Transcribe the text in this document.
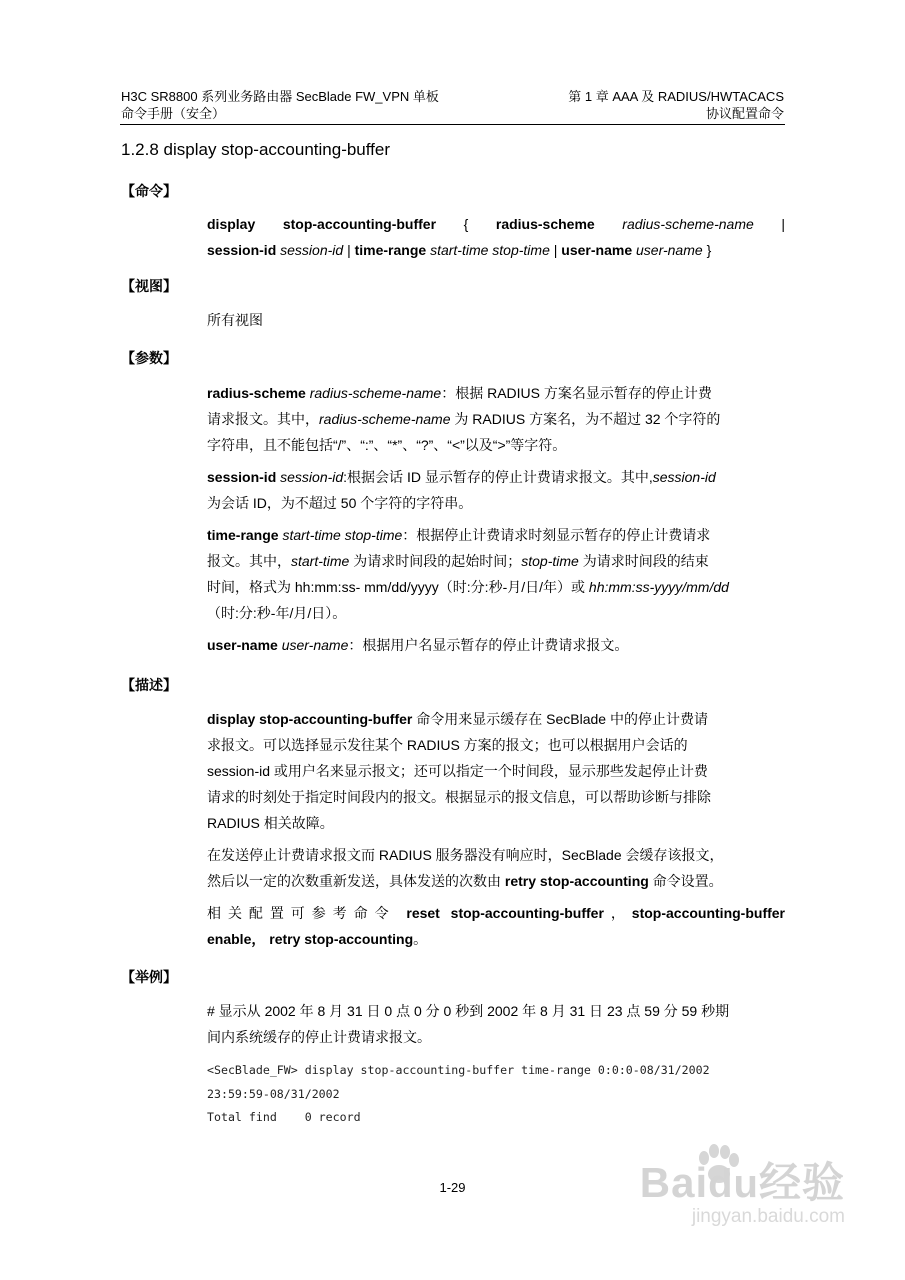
H3C SR8800 系列业务路由器 SecBlade FW_VPN 单板
命令手册（安全）
第 1 章 AAA 及 RADIUS/HWTACACS
协议配置命令
1.2.8 display stop-accounting-buffer
【命令】
display stop-accounting-buffer { radius-scheme radius-scheme-name |
session-id session-id | time-range start-time stop-time | user-name user-name }
【视图】
所有视图
【参数】
radius-scheme radius-scheme-name：根据 RADIUS 方案名显示暂存的停止计费
请求报文。其中，radius-scheme-name 为 RADIUS 方案名，为不超过 32 个字符的
字符串，且不能包括“/”、“:”、“*”、“?”、“<”以及“>”等字符。
session-id session-id:根据会话 ID 显示暂存的停止计费请求报文。其中,session-id
为会话 ID，为不超过 50 个字符的字符串。
time-range start-time stop-time：根据停止计费请求时刻显示暂存的停止计费请求
报文。其中，start-time 为请求时间段的起始时间；stop-time 为请求时间段的结束
时间，格式为 hh:mm:ss- mm/dd/yyyy（时:分:秒-月/日/年）或 hh:mm:ss-yyyy/mm/dd
（时:分:秒-年/月/日）。
user-name user-name：根据用户名显示暂存的停止计费请求报文。
【描述】
display stop-accounting-buffer 命令用来显示缓存在 SecBlade 中的停止计费请
求报文。可以选择显示发往某个 RADIUS 方案的报文；也可以根据用户会话的
session-id 或用户名来显示报文；还可以指定一个时间段，显示那些发起停止计费
请求的时刻处于指定时间段内的报文。根据显示的报文信息，可以帮助诊断与排除
RADIUS 相关故障。
在发送停止计费请求报文而 RADIUS 服务器没有响应时，SecBlade 会缓存该报文，
然后以一定的次数重新发送，具体发送的次数由 retry stop-accounting 命令设置。
相关配置可参考命令 reset stop-accounting-buffer，stop-accounting-buffer
enable， retry stop-accounting。
【举例】
# 显示从 2002 年 8 月 31 日 0 点 0 分 0 秒到 2002 年 8 月 31 日 23 点 59 分 59 秒期
间内系统缓存的停止计费请求报文。
<SecBlade_FW> display stop-accounting-buffer time-range 0:0:0-08/31/2002
23:59:59-08/31/2002
Total find    0 record
1-29	Baidu经验
jingyan.baidu.com
